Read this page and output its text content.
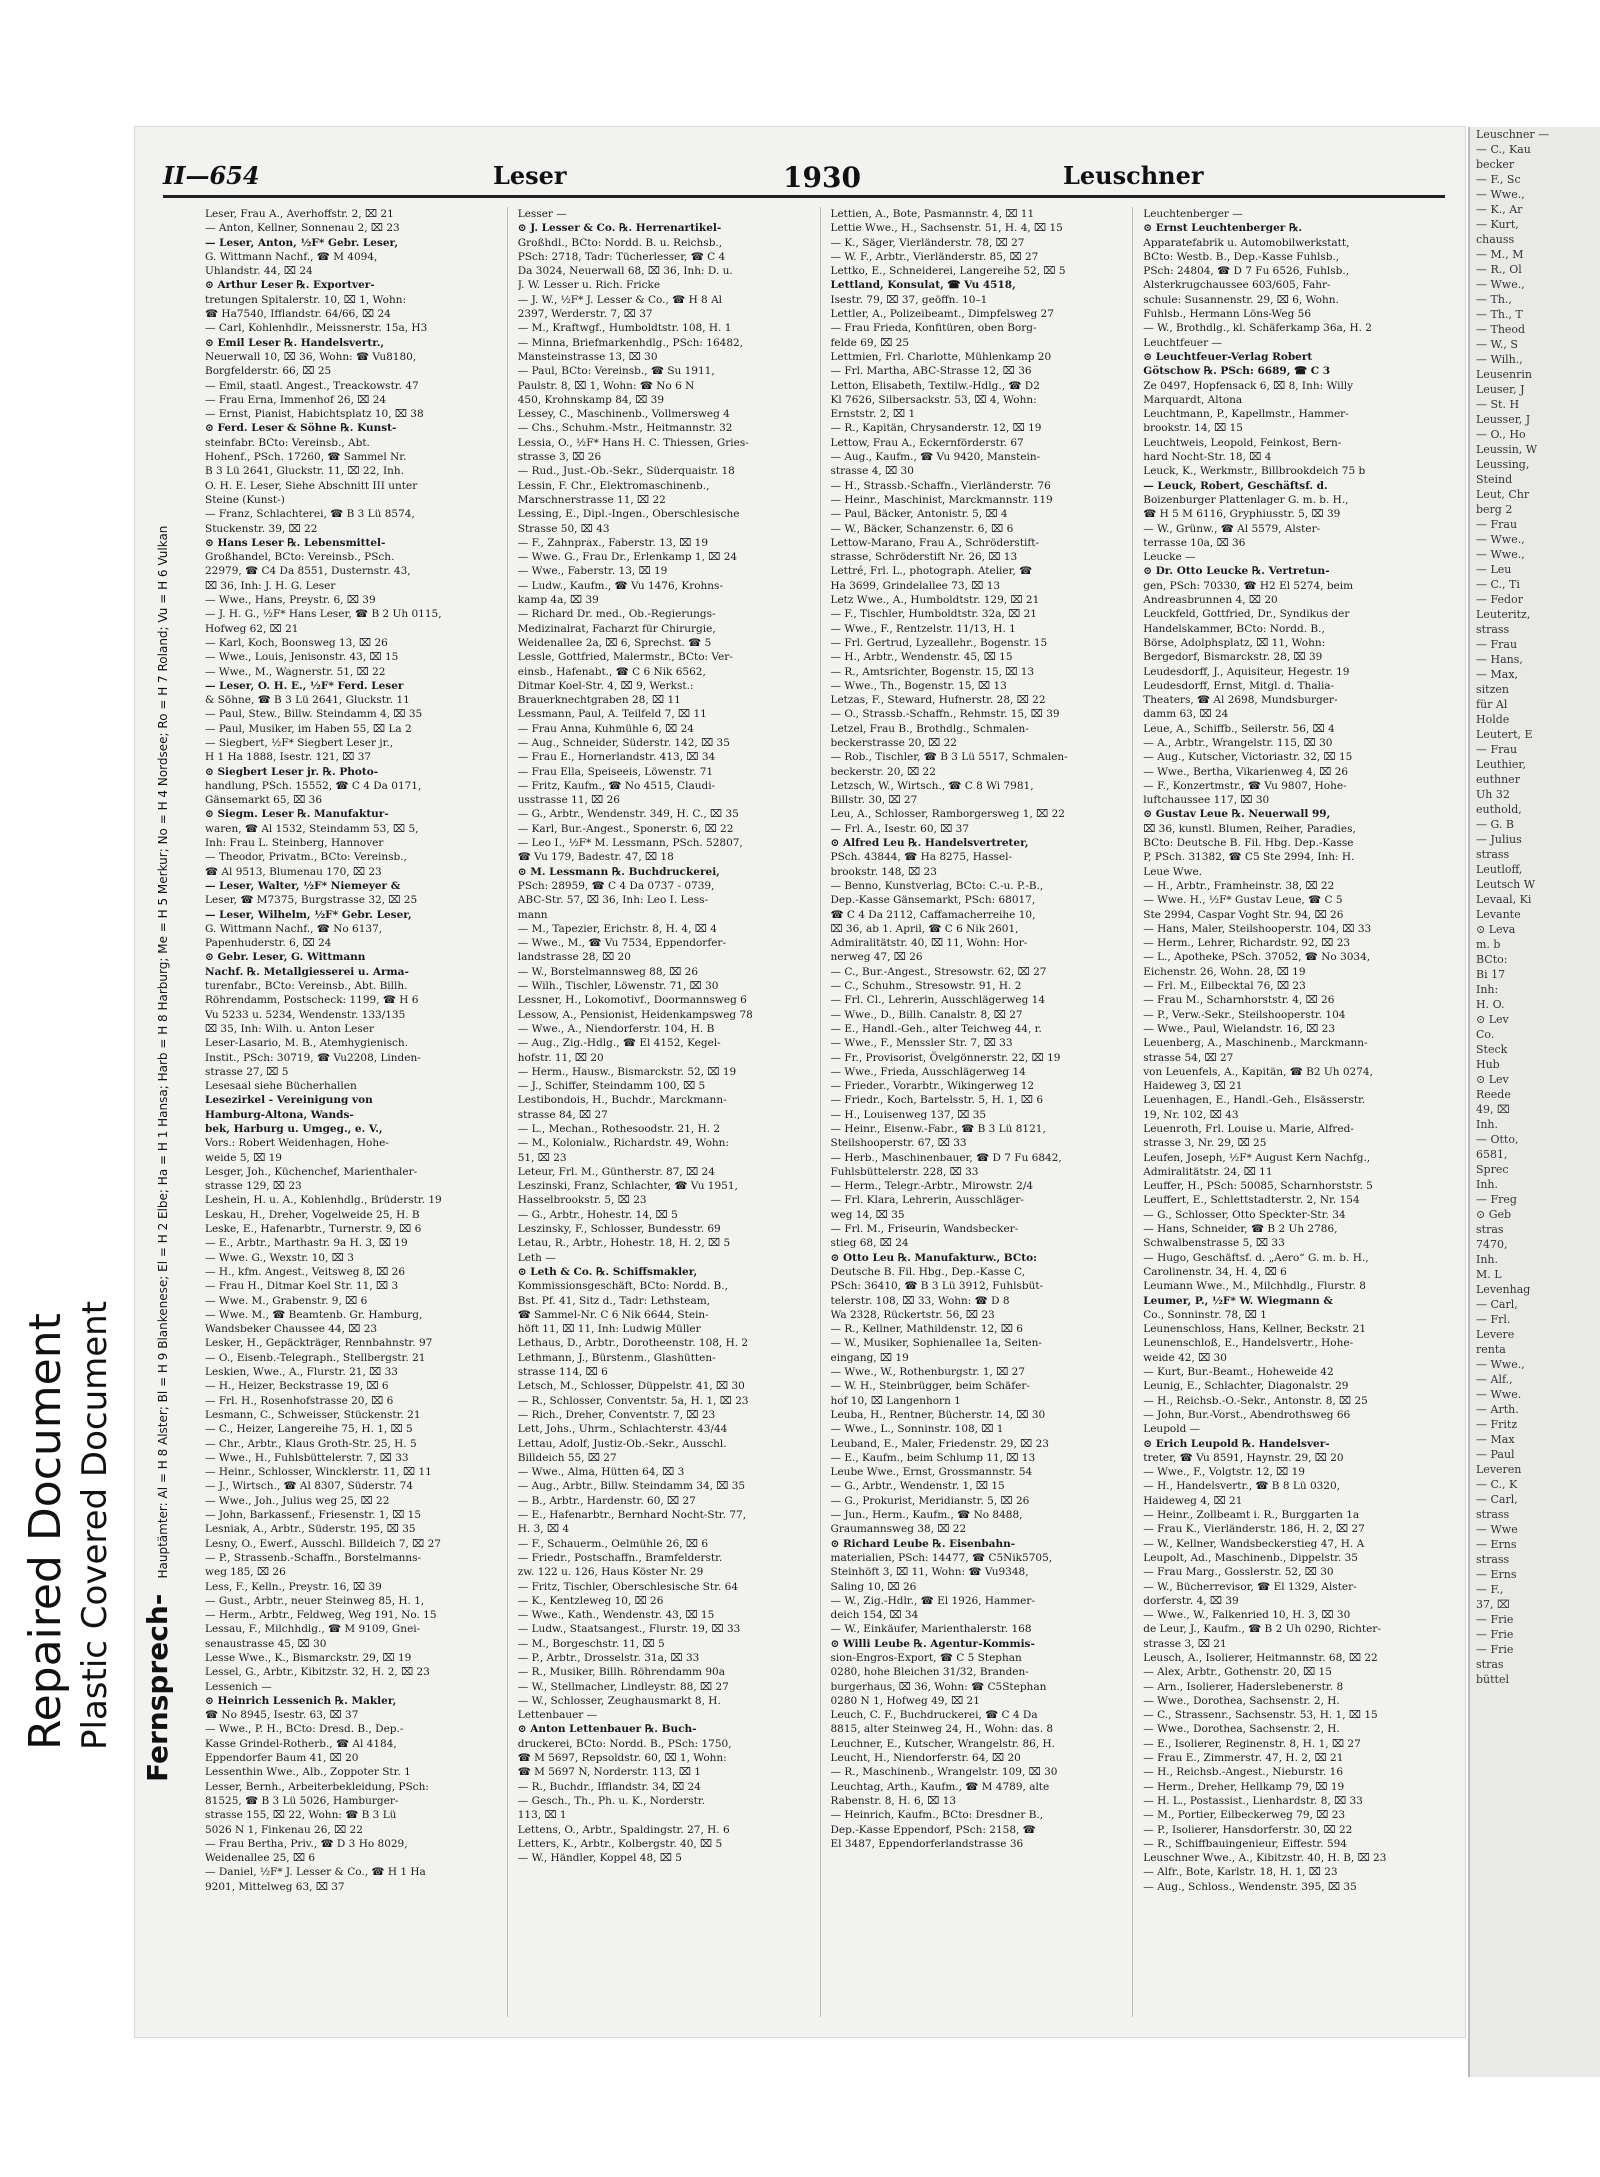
Repaired Document Plastic Covered Document
II—654	Leser	1930	Leuschner
Fernsprech- Hauptämter: Al = H 8 Alster; Bl = H 9 Blankenese; El = H 2 Elbe; Ha = H 1 Hansa; Harb = H 8 Harburg; Me = H 5 Merkur; No = H 4 Nordsee; Ro = H 7 Roland; Vu = H 6 Vulkan
Leser, Frau A., Averhoffstr. 2, ⌧ 21
— Anton, Kellner, Sonnenau 2, ⌧ 23
— Leser, Anton, ½F* Gebr. Leser,
G. Wittmann Nachf., ☎ M 4094,
Uhlandstr. 44, ⌧ 24
⊙ Arthur Leser ℞. Exportver-
tretungen Spitalerstr. 10, ⌧ 1, Wohn:
☎ Ha7540, Ifflandstr. 64/66, ⌧ 24
— Carl, Kohlenhdlr., Meissnerstr. 15a, H3
⊙ Emil Leser ℞. Handelsvertr.,
Neuerwall 10, ⌧ 36, Wohn: ☎ Vu8180,
Borgfelderstr. 66, ⌧ 25
— Emil, staatl. Angest., Treackowstr. 47
— Frau Erna, Immenhof 26, ⌧ 24
— Ernst, Pianist, Habichtsplatz 10, ⌧ 38
⊙ Ferd. Leser & Söhne ℞. Kunst-
steinfabr. BCto: Vereinsb., Abt.
Hohenf., PSch. 17260, ☎ Sammel Nr.
B 3 Lü 2641, Gluckstr. 11, ⌧ 22, Inh.
O. H. E. Leser, Siehe Abschnitt III unter
Steine (Kunst-)
— Franz, Schlachterei, ☎ B 3 Lü 8574,
Stuckenstr. 39, ⌧ 22
⊙ Hans Leser ℞. Lebensmittel-
Großhandel, BCto: Vereinsb., PSch.
22979, ☎ C4 Da 8551, Dusternstr. 43,
⌧ 36, Inh: J. H. G. Leser
— Wwe., Hans, Preystr. 6, ⌧ 39
— J. H. G., ½F* Hans Leser, ☎ B 2 Uh 0115,
Hofweg 62, ⌧ 21
— Karl, Koch, Boonsweg 13, ⌧ 26
— Wwe., Louis, Jenisonstr. 43, ⌧ 15
— Wwe., M., Wagnerstr. 51, ⌧ 22
— Leser, O. H. E., ½F* Ferd. Leser
& Söhne, ☎ B 3 Lü 2641, Gluckstr. 11
— Paul, Stew., Billw. Steindamm 4, ⌧ 35
— Paul, Musiker, im Haben 55, ⌧ La 2
— Siegbert, ½F* Siegbert Leser jr.,
H 1 Ha 1888, Isestr. 121, ⌧ 37
⊙ Siegbert Leser jr. ℞. Photo-
handlung, PSch. 15552, ☎ C 4 Da 0171,
Gänsemarkt 65, ⌧ 36
⊙ Siegm. Leser ℞. Manufaktur-
waren, ☎ Al 1532, Steindamm 53, ⌧ 5,
Inh: Frau L. Steinberg, Hannover
— Theodor, Privatm., BCto: Vereinsb.,
☎ Al 9513, Blumenau 170, ⌧ 23
— Leser, Walter, ½F* Niemeyer &
Leser, ☎ M7375, Burgstrasse 32, ⌧ 25
— Leser, Wilhelm, ½F* Gebr. Leser,
G. Wittmann Nachf., ☎ No 6137,
Papenhuderstr. 6, ⌧ 24
⊙ Gebr. Leser, G. Wittmann
Nachf. ℞. Metallgiesserei u. Arma-
turenfabr., BCto: Vereinsb., Abt. Billh.
Röhrendamm, Postscheck: 1199, ☎ H 6
Vu 5233 u. 5234, Wendenstr. 133/135
⌧ 35, Inh: Wilh. u. Anton Leser
Leser-Lasario, M. B., Atemhygienisch.
Instit., PSch: 30719, ☎ Vu2208, Linden-
strasse 27, ⌧ 5
Lesesaal siehe Bücherhallen
Lesezirkel - Vereinigung von
Hamburg-Altona, Wands-
bek, Harburg u. Umgeg., e. V.,
Vors.: Robert Weidenhagen, Hohe-
weide 5, ⌧ 19
Lesger, Joh., Küchenchef, Marienthaler-
strasse 129, ⌧ 23
Leshein, H. u. A., Kohlenhdlg., Brüderstr. 19
Leskau, H., Dreher, Vogelweide 25, H. B
Leske, E., Hafenarbtr., Turnerstr. 9, ⌧ 6
— E., Arbtr., Marthastr. 9a H. 3, ⌧ 19
— Wwe. G., Wexstr. 10, ⌧ 3
— H., kfm. Angest., Veitsweg 8, ⌧ 26
— Frau H., Ditmar Koel Str. 11, ⌧ 3
— Wwe. M., Grabenstr. 9, ⌧ 6
— Wwe. M., ☎ Beamtenb. Gr. Hamburg,
Wandsbeker Chaussee 44, ⌧ 23
Lesker, H., Gepäckträger, Rennbahnstr. 97
— O., Eisenb.-Telegraph., Stellbergstr. 21
Leskien, Wwe., A., Flurstr. 21, ⌧ 33
— H., Heizer, Beckstrasse 19, ⌧ 6
— Frl. H., Rosenhofstrasse 20, ⌧ 6
Lesmann, C., Schweisser, Stückenstr. 21
— C., Heizer, Langereihe 75, H. 1, ⌧ 5
— Chr., Arbtr., Klaus Groth-Str. 25, H. 5
— Wwe., H., Fuhlsbüttelerstr. 7, ⌧ 33
— Heinr., Schlosser, Wincklerstr. 11, ⌧ 11
— J., Wirtsch., ☎ Al 8307, Süderstr. 74
— Wwe., Joh., Julius weg 25, ⌧ 22
— John, Barkassenf., Friesenstr. 1, ⌧ 15
Lesniak, A., Arbtr., Süderstr. 195, ⌧ 35
Lesny, O., Ewerf., Ausschl. Billdeich 7, ⌧ 27
— P., Strassenb.-Schaffn., Borstelmanns-
weg 185, ⌧ 26
Less, F., Kelln., Preystr. 16, ⌧ 39
— Gust., Arbtr., neuer Steinweg 85, H. 1,
— Herm., Arbtr., Feldweg, Weg 191, No. 15
Lessau, F., Milchhdlg., ☎ M 9109, Gnei-
senaustrasse 45, ⌧ 30
Lesse Wwe., K., Bismarckstr. 29, ⌧ 19
Lessel, G., Arbtr., Kibitzstr. 32, H. 2, ⌧ 23
Lessenich —
⊙ Heinrich Lessenich ℞. Makler,
☎ No 8945, Isestr. 63, ⌧ 37
— Wwe., P. H., BCto: Dresd. B., Dep.-
Kasse Grindel-Rotherb., ☎ Al 4184,
Eppendorfer Baum 41, ⌧ 20
Lessenthin Wwe., Alb., Zoppoter Str. 1
Lesser, Bernh., Arbeiterbekleidung, PSch:
81525, ☎ B 3 Lü 5026, Hamburger-
strasse 155, ⌧ 22, Wohn: ☎ B 3 Lü
5026 N 1, Finkenau 26, ⌧ 22
— Frau Bertha, Priv., ☎ D 3 Ho 8029,
Weidenallee 25, ⌧ 6
— Daniel, ½F* J. Lesser & Co., ☎ H 1 Ha
9201, Mittelweg 63, ⌧ 37
Lesser —
⊙ J. Lesser & Co. ℞. Herrenartikel-
Großhdl., BCto: Nordd. B. u. Reichsb.,
PSch: 2718, Tadr: Tücherlesser, ☎ C 4
Da 3024, Neuerwall 68, ⌧ 36, Inh: D. u.
J. W. Lesser u. Rich. Fricke
— J. W., ½F* J. Lesser & Co., ☎ H 8 Al
2397, Werderstr. 7, ⌧ 37
— M., Kraftwgf., Humboldtstr. 108, H. 1
— Minna, Briefmarkenhdlg., PSch: 16482,
Mansteinstrasse 13, ⌧ 30
— Paul, BCto: Vereinsb., ☎ Su 1911,
Paulstr. 8, ⌧ 1, Wohn: ☎ No 6 N
450, Krohnskamp 84, ⌧ 39
Lessey, C., Maschinenb., Vollmersweg 4
— Chs., Schuhm.-Mstr., Heitmannstr. 32
Lessia, O., ½F* Hans H. C. Thiessen, Gries-
strasse 3, ⌧ 26
— Rud., Just.-Ob.-Sekr., Süderquaistr. 18
Lessin, F. Chr., Elektromaschinenb.,
Marschnerstrasse 11, ⌧ 22
Lessing, E., Dipl.-Ingen., Oberschlesische
Strasse 50, ⌧ 43
— F., Zahnprax., Faberstr. 13, ⌧ 19
— Wwe. G., Frau Dr., Erlenkamp 1, ⌧ 24
— Wwe., Faberstr. 13, ⌧ 19
— Ludw., Kaufm., ☎ Vu 1476, Krohns-
kamp 4a, ⌧ 39
— Richard Dr. med., Ob.-Regierungs-
Medizinalrat, Facharzt für Chirurgie,
Weidenallee 2a, ⌧ 6, Sprechst. ☎ 5
Lessle, Gottfried, Malermstr., BCto: Ver-
einsb., Hafenabt., ☎ C 6 Nik 6562,
Ditmar Koel-Str. 4, ⌧ 9, Werkst.:
Brauerknechtgraben 28, ⌧ 11
Lessmann, Paul, A. Teilfeld 7, ⌧ 11
— Frau Anna, Kuhmühle 6, ⌧ 24
— Aug., Schneider, Süderstr. 142, ⌧ 35
— Frau E., Hornerlandstr. 413, ⌧ 34
— Frau Ella, Speiseeis, Löwenstr. 71
— Fritz, Kaufm., ☎ No 4515, Claudi-
usstrasse 11, ⌧ 26
— G., Arbtr., Wendenstr. 349, H. C., ⌧ 35
— Karl, Bur.-Angest., Sponerstr. 6, ⌧ 22
— Leo I., ½F* M. Lessmann, PSch. 52807,
☎ Vu 179, Badestr. 47, ⌧ 18
⊙ M. Lessmann ℞. Buchdruckerei,
PSch: 28959, ☎ C 4 Da 0737 - 0739,
ABC-Str. 57, ⌧ 36, Inh: Leo I. Less-
mann
— M., Tapezier, Erichstr. 8, H. 4, ⌧ 4
— Wwe., M., ☎ Vu 7534, Eppendorfer-
landstrasse 28, ⌧ 20
— W., Borstelmannsweg 88, ⌧ 26
— Wilh., Tischler, Löwenstr. 71, ⌧ 30
Lessner, H., Lokomotivf., Doormannsweg 6
Lessow, A., Pensionist, Heidenkampsweg 78
— Wwe., A., Niendorferstr. 104, H. B
— Aug., Zig.-Hdlg., ☎ El 4152, Kegel-
hofstr. 11, ⌧ 20
— Herm., Hausw., Bismarckstr. 52, ⌧ 19
— J., Schiffer, Steindamm 100, ⌧ 5
Lestibondois, H., Buchdr., Marckmann-
strasse 84, ⌧ 27
— L., Mechan., Rothesoodstr. 21, H. 2
— M., Kolonialw., Richardstr. 49, Wohn:
51, ⌧ 23
Leteur, Frl. M., Güntherstr. 87, ⌧ 24
Leszinski, Franz, Schlachter, ☎ Vu 1951,
Hasselbrookstr. 5, ⌧ 23
— G., Arbtr., Hohestr. 14, ⌧ 5
Leszinsky, F., Schlosser, Bundesstr. 69
Letau, R., Arbtr., Hohestr. 18, H. 2, ⌧ 5
Leth —
⊙ Leth & Co. ℞. Schiffsmakler,
Kommissionsgeschäft, BCto: Nordd. B.,
Bst. Pf. 41, Sitz d., Tadr: Lethsteam,
☎ Sammel-Nr. C 6 Nik 6644, Stein-
höft 11, ⌧ 11, Inh: Ludwig Müller
Lethaus, D., Arbtr., Dorotheenstr. 108, H. 2
Lethmann, J., Bürstenm., Glashütten-
strasse 114, ⌧ 6
Letsch, M., Schlosser, Düppelstr. 41, ⌧ 30
— R., Schlosser, Conventstr. 5a, H. 1, ⌧ 23
— Rich., Dreher, Conventstr. 7, ⌧ 23
Lett, Johs., Uhrm., Schlachterstr. 43/44
Lettau, Adolf, Justiz-Ob.-Sekr., Ausschl.
Billdeich 55, ⌧ 27
— Wwe., Alma, Hütten 64, ⌧ 3
— Aug., Arbtr., Billw. Steindamm 34, ⌧ 35
— B., Arbtr., Hardenstr. 60, ⌧ 27
— E., Hafenarbtr., Bernhard Nocht-Str. 77,
H. 3, ⌧ 4
— F., Schauerm., Oelmühle 26, ⌧ 6
— Friedr., Postschaffn., Bramfelderstr.
zw. 122 u. 126, Haus Köster Nr. 29
— Fritz, Tischler, Oberschlesische Str. 64
— K., Kentzleweg 10, ⌧ 26
— Wwe., Kath., Wendenstr. 43, ⌧ 15
— Ludw., Staatsangest., Flurstr. 19, ⌧ 33
— M., Borgeschstr. 11, ⌧ 5
— P., Arbtr., Drosselstr. 31a, ⌧ 33
— R., Musiker, Billh. Röhrendamm 90a
— W., Stellmacher, Lindleystr. 88, ⌧ 27
— W., Schlosser, Zeughausmarkt 8, H.
Lettenbauer —
⊙ Anton Lettenbauer ℞. Buch-
druckerei, BCto: Nordd. B., PSch: 1750,
☎ M 5697, Repsoldstr. 60, ⌧ 1, Wohn:
☎ M 5697 N, Norderstr. 113, ⌧ 1
— R., Buchdr., Ifflandstr. 34, ⌧ 24
— Gesch., Th., Ph. u. K., Norderstr.
113, ⌧ 1
Lettens, O., Arbtr., Spaldingstr. 27, H. 6
Letters, K., Arbtr., Kolbergstr. 40, ⌧ 5
— W., Händler, Koppel 48, ⌧ 5
Lettien, A., Bote, Pasmannstr. 4, ⌧ 11
Lettie Wwe., H., Sachsenstr. 51, H. 4, ⌧ 15
— K., Säger, Vierländerstr. 78, ⌧ 27
— W. F., Arbtr., Vierländerstr. 85, ⌧ 27
Lettko, E., Schneiderei, Langereihe 52, ⌧ 5
Lettland, Konsulat, ☎ Vu 4518,
Isestr. 79, ⌧ 37, geöffn. 10–1
Lettler, A., Polizeibeamt., Dimpfelsweg 27
— Frau Frieda, Konfitüren, oben Borg-
felde 69, ⌧ 25
Lettmien, Frl. Charlotte, Mühlenkamp 20
— Frl. Martha, ABC-Strasse 12, ⌧ 36
Letton, Elisabeth, Textilw.-Hdlg., ☎ D2
Kl 7626, Silbersackstr. 53, ⌧ 4, Wohn:
Ernststr. 2, ⌧ 1
— R., Kapitän, Chrysanderstr. 12, ⌧ 19
Lettow, Frau A., Eckernförderstr. 67
— Aug., Kaufm., ☎ Vu 9420, Manstein-
strasse 4, ⌧ 30
— H., Strassb.-Schaffn., Vierländerstr. 76
— Heinr., Maschinist, Marckmannstr. 119
— Paul, Bäcker, Antonistr. 5, ⌧ 4
— W., Bäcker, Schanzenstr. 6, ⌧ 6
Lettow-Marano, Frau A., Schröderstift-
strasse, Schröderstift Nr. 26, ⌧ 13
Lettré, Frl. L., photograph. Atelier, ☎
Ha 3699, Grindelallee 73, ⌧ 13
Letz Wwe., A., Humboldtstr. 129, ⌧ 21
— F., Tischler, Humboldtstr. 32a, ⌧ 21
— Wwe., F., Rentzelstr. 11/13, H. 1
— Frl. Gertrud, Lyzeallehr., Bogenstr. 15
— H., Arbtr., Wendenstr. 45, ⌧ 15
— R., Amtsrichter, Bogenstr. 15, ⌧ 13
— Wwe., Th., Bogenstr. 15, ⌧ 13
Letzas, F., Steward, Hufnerstr. 28, ⌧ 22
— O., Strassb.-Schaffn., Rehmstr. 15, ⌧ 39
Letzel, Frau B., Brothdlg., Schmalen-
beckerstrasse 20, ⌧ 22
— Rob., Tischler, ☎ B 3 Lü 5517, Schmalen-
beckerstr. 20, ⌧ 22
Letzsch, W., Wirtsch., ☎ C 8 Wi 7981,
Billstr. 30, ⌧ 27
Leu, A., Schlosser, Ramborgersweg 1, ⌧ 22
— Frl. A., Isestr. 60, ⌧ 37
⊙ Alfred Leu ℞. Handelsvertreter,
PSch. 43844, ☎ Ha 8275, Hassel-
brookstr. 148, ⌧ 23
— Benno, Kunstverlag, BCto: C.-u. P.-B.,
Dep.-Kasse Gänsemarkt, PSch: 68017,
☎ C 4 Da 2112, Caffamacherreihe 10,
⌧ 36, ab 1. April, ☎ C 6 Nik 2601,
Admiralitätstr. 40, ⌧ 11, Wohn: Hor-
nerweg 47, ⌧ 26
— C., Bur.-Angest., Stresowstr. 62, ⌧ 27
— C., Schuhm., Stresowstr. 91, H. 2
— Frl. Cl., Lehrerin, Ausschlägerweg 14
— Wwe., D., Billh. Canalstr. 8, ⌧ 27
— E., Handl.-Geh., alter Teichweg 44, r.
— Wwe., F., Menssler Str. 7, ⌧ 33
— Fr., Provisorist, Övelgönnerstr. 22, ⌧ 19
— Wwe., Frieda, Ausschlägerweg 14
— Frieder., Vorarbtr., Wikingerweg 12
— Friedr., Koch, Bartelsstr. 5, H. 1, ⌧ 6
— H., Louisenweg 137, ⌧ 35
— Heinr., Eisenw.-Fabr., ☎ B 3 Lü 8121,
Steilshooperstr. 67, ⌧ 33
— Herb., Maschinenbauer, ☎ D 7 Fu 6842,
Fuhlsbüttelerstr. 228, ⌧ 33
— Herm., Telegr.-Arbtr., Mirowstr. 2/4
— Frl. Klara, Lehrerin, Ausschläger-
weg 14, ⌧ 35
— Frl. M., Friseurin, Wandsbecker-
stieg 68, ⌧ 24
⊙ Otto Leu ℞. Manufakturw., BCto:
Deutsche B. Fil. Hbg., Dep.-Kasse C,
PSch: 36410, ☎ B 3 Lü 3912, Fuhlsbüt-
telerstr. 108, ⌧ 33, Wohn: ☎ D 8
Wa 2328, Rückertstr. 56, ⌧ 23
— R., Kellner, Mathildenstr. 12, ⌧ 6
— W., Musiker, Sophienallee 1a, Seiten-
eingang, ⌧ 19
— Wwe., W., Rothenburgstr. 1, ⌧ 27
— W. H., Steinbrügger, beim Schäfer-
hof 10, ⌧ Langenhorn 1
Leuba, H., Rentner, Bücherstr. 14, ⌧ 30
— Wwe., L., Sonninstr. 108, ⌧ 1
Leuband, E., Maler, Friedenstr. 29, ⌧ 23
— E., Kaufm., beim Schlump 11, ⌧ 13
Leube Wwe., Ernst, Grossmannstr. 54
— G., Arbtr., Wendenstr. 1, ⌧ 15
— G., Prokurist, Meridianstr. 5, ⌧ 26
— Jun., Herm., Kaufm., ☎ No 8488,
Graumannsweg 38, ⌧ 22
⊙ Richard Leube ℞. Eisenbahn-
materialien, PSch: 14477, ☎ C5Nik5705,
Steinhöft 3, ⌧ 11, Wohn: ☎ Vu9348,
Saling 10, ⌧ 26
— W., Zig.-Hdlr., ☎ El 1926, Hammer-
deich 154, ⌧ 34
— W., Einkäufer, Marienthalerstr. 168
⊙ Willi Leube ℞. Agentur-Kommis-
sion-Engros-Export, ☎ C 5 Stephan
0280, hohe Bleichen 31/32, Branden-
burgerhaus, ⌧ 36, Wohn: ☎ C5Stephan
0280 N 1, Hofweg 49, ⌧ 21
Leuch, C. F., Buchdruckerei, ☎ C 4 Da
8815, alter Steinweg 24, H., Wohn: das. 8
Leuchner, E., Kutscher, Wrangelstr. 86, H.
Leucht, H., Niendorferstr. 64, ⌧ 20
— R., Maschinenb., Wrangelstr. 109, ⌧ 30
Leuchtag, Arth., Kaufm., ☎ M 4789, alte
Rabenstr. 8, H. 6, ⌧ 13
— Heinrich, Kaufm., BCto: Dresdner B.,
Dep.-Kasse Eppendorf, PSch: 2158, ☎
El 3487, Eppendorferlandstrasse 36
Leuchtenberger —
⊙ Ernst Leuchtenberger ℞.
Apparatefabrik u. Automobilwerkstatt,
BCto: Westb. B., Dep.-Kasse Fuhlsb.,
PSch: 24804, ☎ D 7 Fu 6526, Fuhlsb.,
Alsterkrugchaussee 603/605, Fahr-
schule: Susannenstr. 29, ⌧ 6, Wohn.
Fuhlsb., Hermann Löns-Weg 56
— W., Brothdlg., kl. Schäferkamp 36a, H. 2
Leuchtfeuer —
⊙ Leuchtfeuer-Verlag Robert
Götschow ℞. PSch: 6689, ☎ C 3
Ze 0497, Hopfensack 6, ⌧ 8, Inh: Willy
Marquardt, Altona
Leuchtmann, P., Kapellmstr., Hammer-
brookstr. 14, ⌧ 15
Leuchtweis, Leopold, Feinkost, Bern-
hard Nocht-Str. 18, ⌧ 4
Leuck, K., Werkmstr., Billbrookdeich 75 b
— Leuck, Robert, Geschäftsf. d.
Boizenburger Plattenlager G. m. b. H.,
☎ H 5 M 6116, Gryphiusstr. 5, ⌧ 39
— W., Grünw., ☎ Al 5579, Alster-
terrasse 10a, ⌧ 36
Leucke —
⊙ Dr. Otto Leucke ℞. Vertretun-
gen, PSch: 70330, ☎ H2 El 5274, beim
Andreasbrunnen 4, ⌧ 20
Leuckfeld, Gottfried, Dr., Syndikus der
Handelskammer, BCto: Nordd. B.,
Börse, Adolphsplatz, ⌧ 11, Wohn:
Bergedorf, Bismarckstr. 28, ⌧ 39
Leudesdorff, J., Aquisiteur, Hegestr. 19
Leudesdorff, Ernst, Mitgl. d. Thalia-
Theaters, ☎ Al 2698, Mundsburger-
damm 63, ⌧ 24
Leue, A., Schiffb., Seilerstr. 56, ⌧ 4
— A., Arbtr., Wrangelstr. 115, ⌧ 30
— Aug., Kutscher, Victoriastr. 32, ⌧ 15
— Wwe., Bertha, Vikarienweg 4, ⌧ 26
— F., Konzertmstr., ☎ Vu 9807, Hohe-
luftchaussee 117, ⌧ 30
⊙ Gustav Leue ℞. Neuerwall 99,
⌧ 36, kunstl. Blumen, Reiher, Paradies,
BCto: Deutsche B. Fil. Hbg. Dep.-Kasse
P, PSch. 31382, ☎ C5 Ste 2994, Inh: H.
Leue Wwe.
— H., Arbtr., Framheinstr. 38, ⌧ 22
— Wwe. H., ½F* Gustav Leue, ☎ C 5
Ste 2994, Caspar Voght Str. 94, ⌧ 26
— Hans, Maler, Steilshooperstr. 104, ⌧ 33
— Herm., Lehrer, Richardstr. 92, ⌧ 23
— L., Apotheke, PSch. 37052, ☎ No 3034,
Eichenstr. 26, Wohn. 28, ⌧ 19
— Frl. M., Eilbecktal 76, ⌧ 23
— Frau M., Scharnhorststr. 4, ⌧ 26
— P., Verw.-Sekr., Steilshooperstr. 104
— Wwe., Paul, Wielandstr. 16, ⌧ 23
Leuenberg, A., Maschinenb., Marckmann-
strasse 54, ⌧ 27
von Leuenfels, A., Kapitän, ☎ B2 Uh 0274,
Haideweg 3, ⌧ 21
Leuenhagen, E., Handl.-Geh., Elsässerstr.
19, Nr. 102, ⌧ 43
Leuenroth, Frl. Louise u. Marie, Alfred-
strasse 3, Nr. 29, ⌧ 25
Leufen, Joseph, ½F* August Kern Nachfg.,
Admiralitätstr. 24, ⌧ 11
Leuffer, H., PSch: 50085, Scharnhorststr. 5
Leuffert, E., Schlettstadterstr. 2, Nr. 154
— G., Schlosser, Otto Speckter-Str. 34
— Hans, Schneider, ☎ B 2 Uh 2786,
Schwalbenstrasse 5, ⌧ 33
— Hugo, Geschäftsf. d. „Aero“ G. m. b. H.,
Carolinenstr. 34, H. 4, ⌧ 6
Leumann Wwe., M., Milchhdlg., Flurstr. 8
Leumer, P., ½F* W. Wiegmann &
Co., Sonninstr. 78, ⌧ 1
Leunenschloss, Hans, Kellner, Beckstr. 21
Leunenschloß, E., Handelsvertr., Hohe-
weide 42, ⌧ 30
— Kurt, Bur.-Beamt., Hoheweide 42
Leunig, E., Schlachter, Diagonalstr. 29
— H., Reichsb.-O.-Sekr., Antonstr. 8, ⌧ 25
— John, Bur.-Vorst., Abendrothsweg 66
Leupold —
⊙ Erich Leupold ℞. Handelsver-
treter, ☎ Vu 8591, Haynstr. 29, ⌧ 20
— Wwe., F., Volgtstr. 12, ⌧ 19
— H., Handelsvertr., ☎ B 8 Lü 0320,
Haideweg 4, ⌧ 21
— Heinr., Zollbeamt i. R., Burggarten 1a
— Frau K., Vierländerstr. 186, H. 2, ⌧ 27
— W., Kellner, Wandsbeckerstieg 47, H. A
Leupolt, Ad., Maschinenb., Dippelstr. 35
— Frau Marg., Gosslerstr. 52, ⌧ 30
— W., Bücherrevisor, ☎ El 1329, Alster-
dorferstr. 4, ⌧ 39
— Wwe., W., Falkenried 10, H. 3, ⌧ 30
de Leur, J., Kaufm., ☎ B 2 Uh 0290, Richter-
strasse 3, ⌧ 21
Leusch, A., Isolierer, Heitmannstr. 68, ⌧ 22
— Alex, Arbtr., Gothenstr. 20, ⌧ 15
— Arn., Isolierer, Haderslebenerstr. 8
— Wwe., Dorothea, Sachsenstr. 2, H.
— C., Strassenr., Sachsenstr. 53, H. 1, ⌧ 15
— Wwe., Dorothea, Sachsenstr. 2, H.
— E., Isolierer, Reginenstr. 8, H. 1, ⌧ 27
— Frau E., Zimmerstr. 47, H. 2, ⌧ 21
— H., Reichsb.-Angest., Nieburstr. 16
— Herm., Dreher, Hellkamp 79, ⌧ 19
— H. L., Postassist., Lienhardstr. 8, ⌧ 33
— M., Portier, Eilbeckerweg 79, ⌧ 23
— P., Isolierer, Hansdorferstr. 30, ⌧ 22
— R., Schiffbauingenieur, Eiffestr. 594
Leuschner Wwe., A., Kibitzstr. 40, H. B, ⌧ 23
— Alfr., Bote, Karlstr. 18, H. 1, ⌧ 23
— Aug., Schloss., Wendenstr. 395, ⌧ 35
Leuschner —
— C., Kau
becker
— F., Sc
— Wwe.,
— K., Ar
— Kurt,
chauss
— M., M
— R., Ol
— Wwe.,
— Th.,
— Th., T
— Theod
— W., S
— Wilh.,
Leusenrin
Leuser, J
— St. H
Leusser, J
— O., Ho
Leussin, W
Leussing,
Steind
Leut, Chr
berg 2
— Frau
— Wwe.,
— Wwe.,
— Leu
— C., Ti
— Fedor
Leuteritz,
strass
— Frau
— Hans,
— Max,
sitzen
für Al
Holde
Leutert, E
— Frau
Leuthier,
euthner
Uh 32
euthold,
— G. B
— Julius
strass
Leutloff,
Leutsch W
Levaal, Ki
Levante
⊙ Leva
m. b
BCto:
Bi 17
Inh:
H. O.
⊙ Lev
Co.
Steck
Hub
⊙ Lev
Reede
49, ⌧
Inh.
— Otto,
6581,
Sprec
Inh.
— Freg
⊙ Geb
stras
7470,
Inh.
M. L
Levenhag
— Carl,
— Frl.
Levere
renta
— Wwe.,
— Alf.,
— Wwe.
— Arth.
— Fritz
— Max
— Paul
Leveren
— C., K
— Carl,
strass
— Wwe
— Erns
strass
— Erns
— F.,
37, ⌧
— Frie
— Frie
— Frie
stras
büttel
